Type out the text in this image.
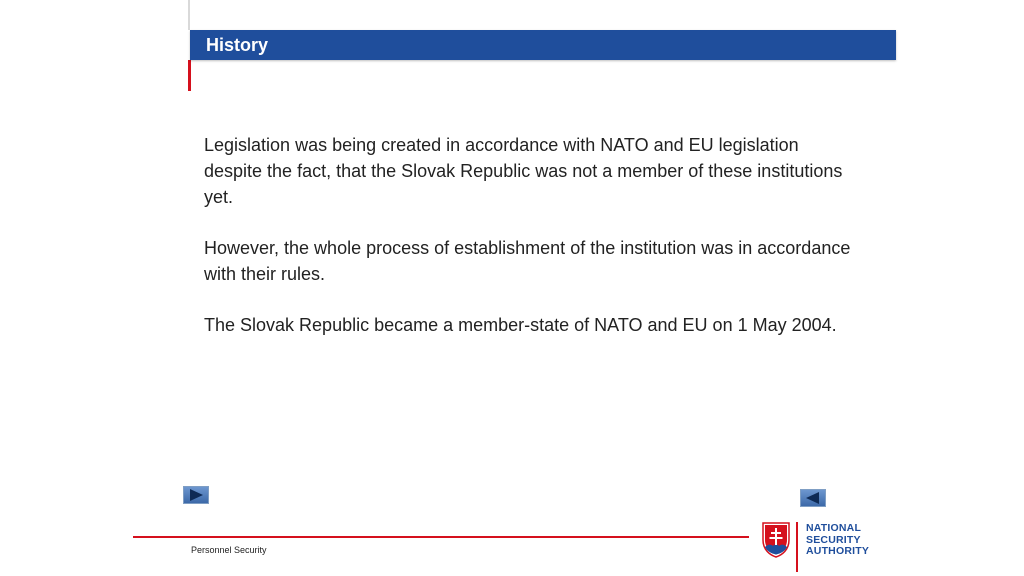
History

Legislation was being created in accordance with NATO and EU legislation despite the fact, that the Slovak Republic was not a member of these institutions yet.

However, the whole process of establishment of the institution was in accordance with their rules.

The Slovak Republic became a member-state of NATO and EU on 1 May 2004.

Personnel Security
NATIONAL
SECURITY
AUTHORITY
